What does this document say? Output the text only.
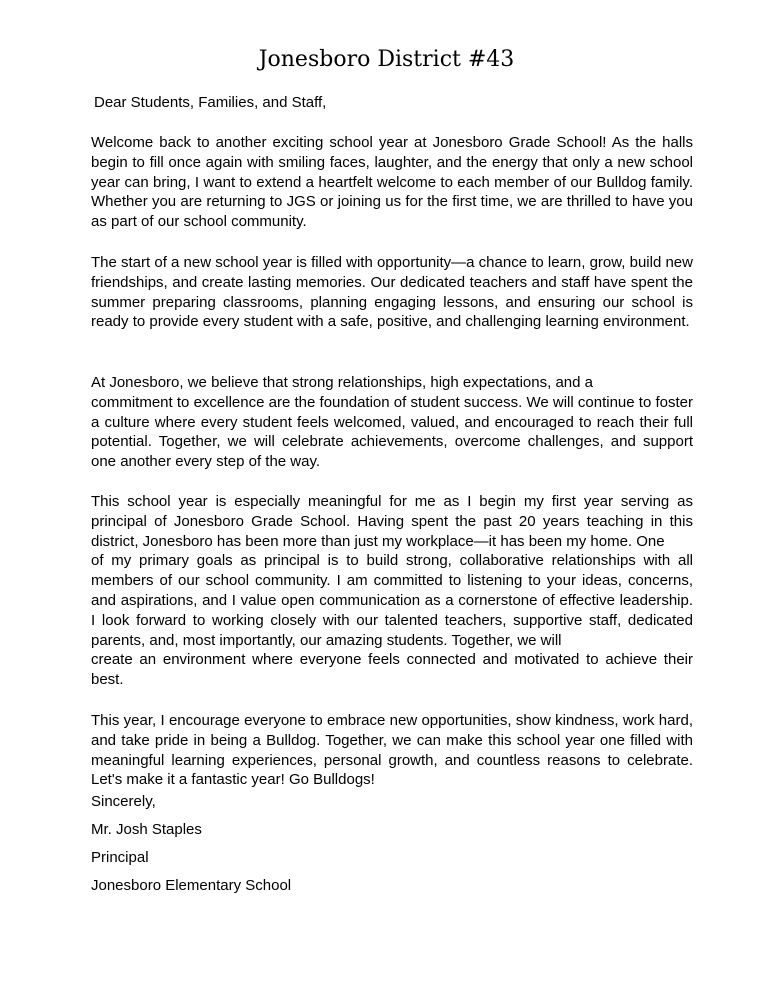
Jonesboro District #43
Dear Students, Families, and Staff,

Welcome back to another exciting school year at Jonesboro Grade School! As the halls begin to fill once again with smiling faces, laughter, and the energy that only a new school year can bring, I want to extend a heartfelt welcome to each member of our Bulldog family. Whether you are returning to JGS or joining us for the first time, we are thrilled to have you as part of our school community.

The start of a new school year is filled with opportunity—a chance to learn, grow, build new friendships, and create lasting memories. Our dedicated teachers and staff have spent the summer preparing classrooms, planning engaging lessons, and ensuring our school is ready to provide every student with a safe, positive, and challenging learning environment.

At Jonesboro, we believe that strong relationships, high expectations, and a
commitment to excellence are the foundation of student success. We will continue to foster a culture where every student feels welcomed, valued, and encouraged to reach their full potential. Together, we will celebrate achievements, overcome challenges, and support one another every step of the way.
This school year is especially meaningful for me as I begin my first year serving as principal of Jonesboro Grade School. Having spent the past 20 years teaching in this district, Jonesboro has been more than just my workplace—it has been my home. One
of my primary goals as principal is to build strong, collaborative relationships with all members of our school community. I am committed to listening to your ideas, concerns, and aspirations, and I value open communication as a cornerstone of effective leadership. I look forward to working closely with our talented teachers, supportive staff, dedicated parents, and, most importantly, our amazing students. Together, we will
create an environment where everyone feels connected and motivated to achieve their best.

This year, I encourage everyone to embrace new opportunities, show kindness, work hard, and take pride in being a Bulldog. Together, we can make this school year one filled with meaningful learning experiences, personal growth, and countless reasons to celebrate. Let's make it a fantastic year! Go Bulldogs!

Sincerely,
Mr. Josh Staples
Principal
Jonesboro Elementary School
